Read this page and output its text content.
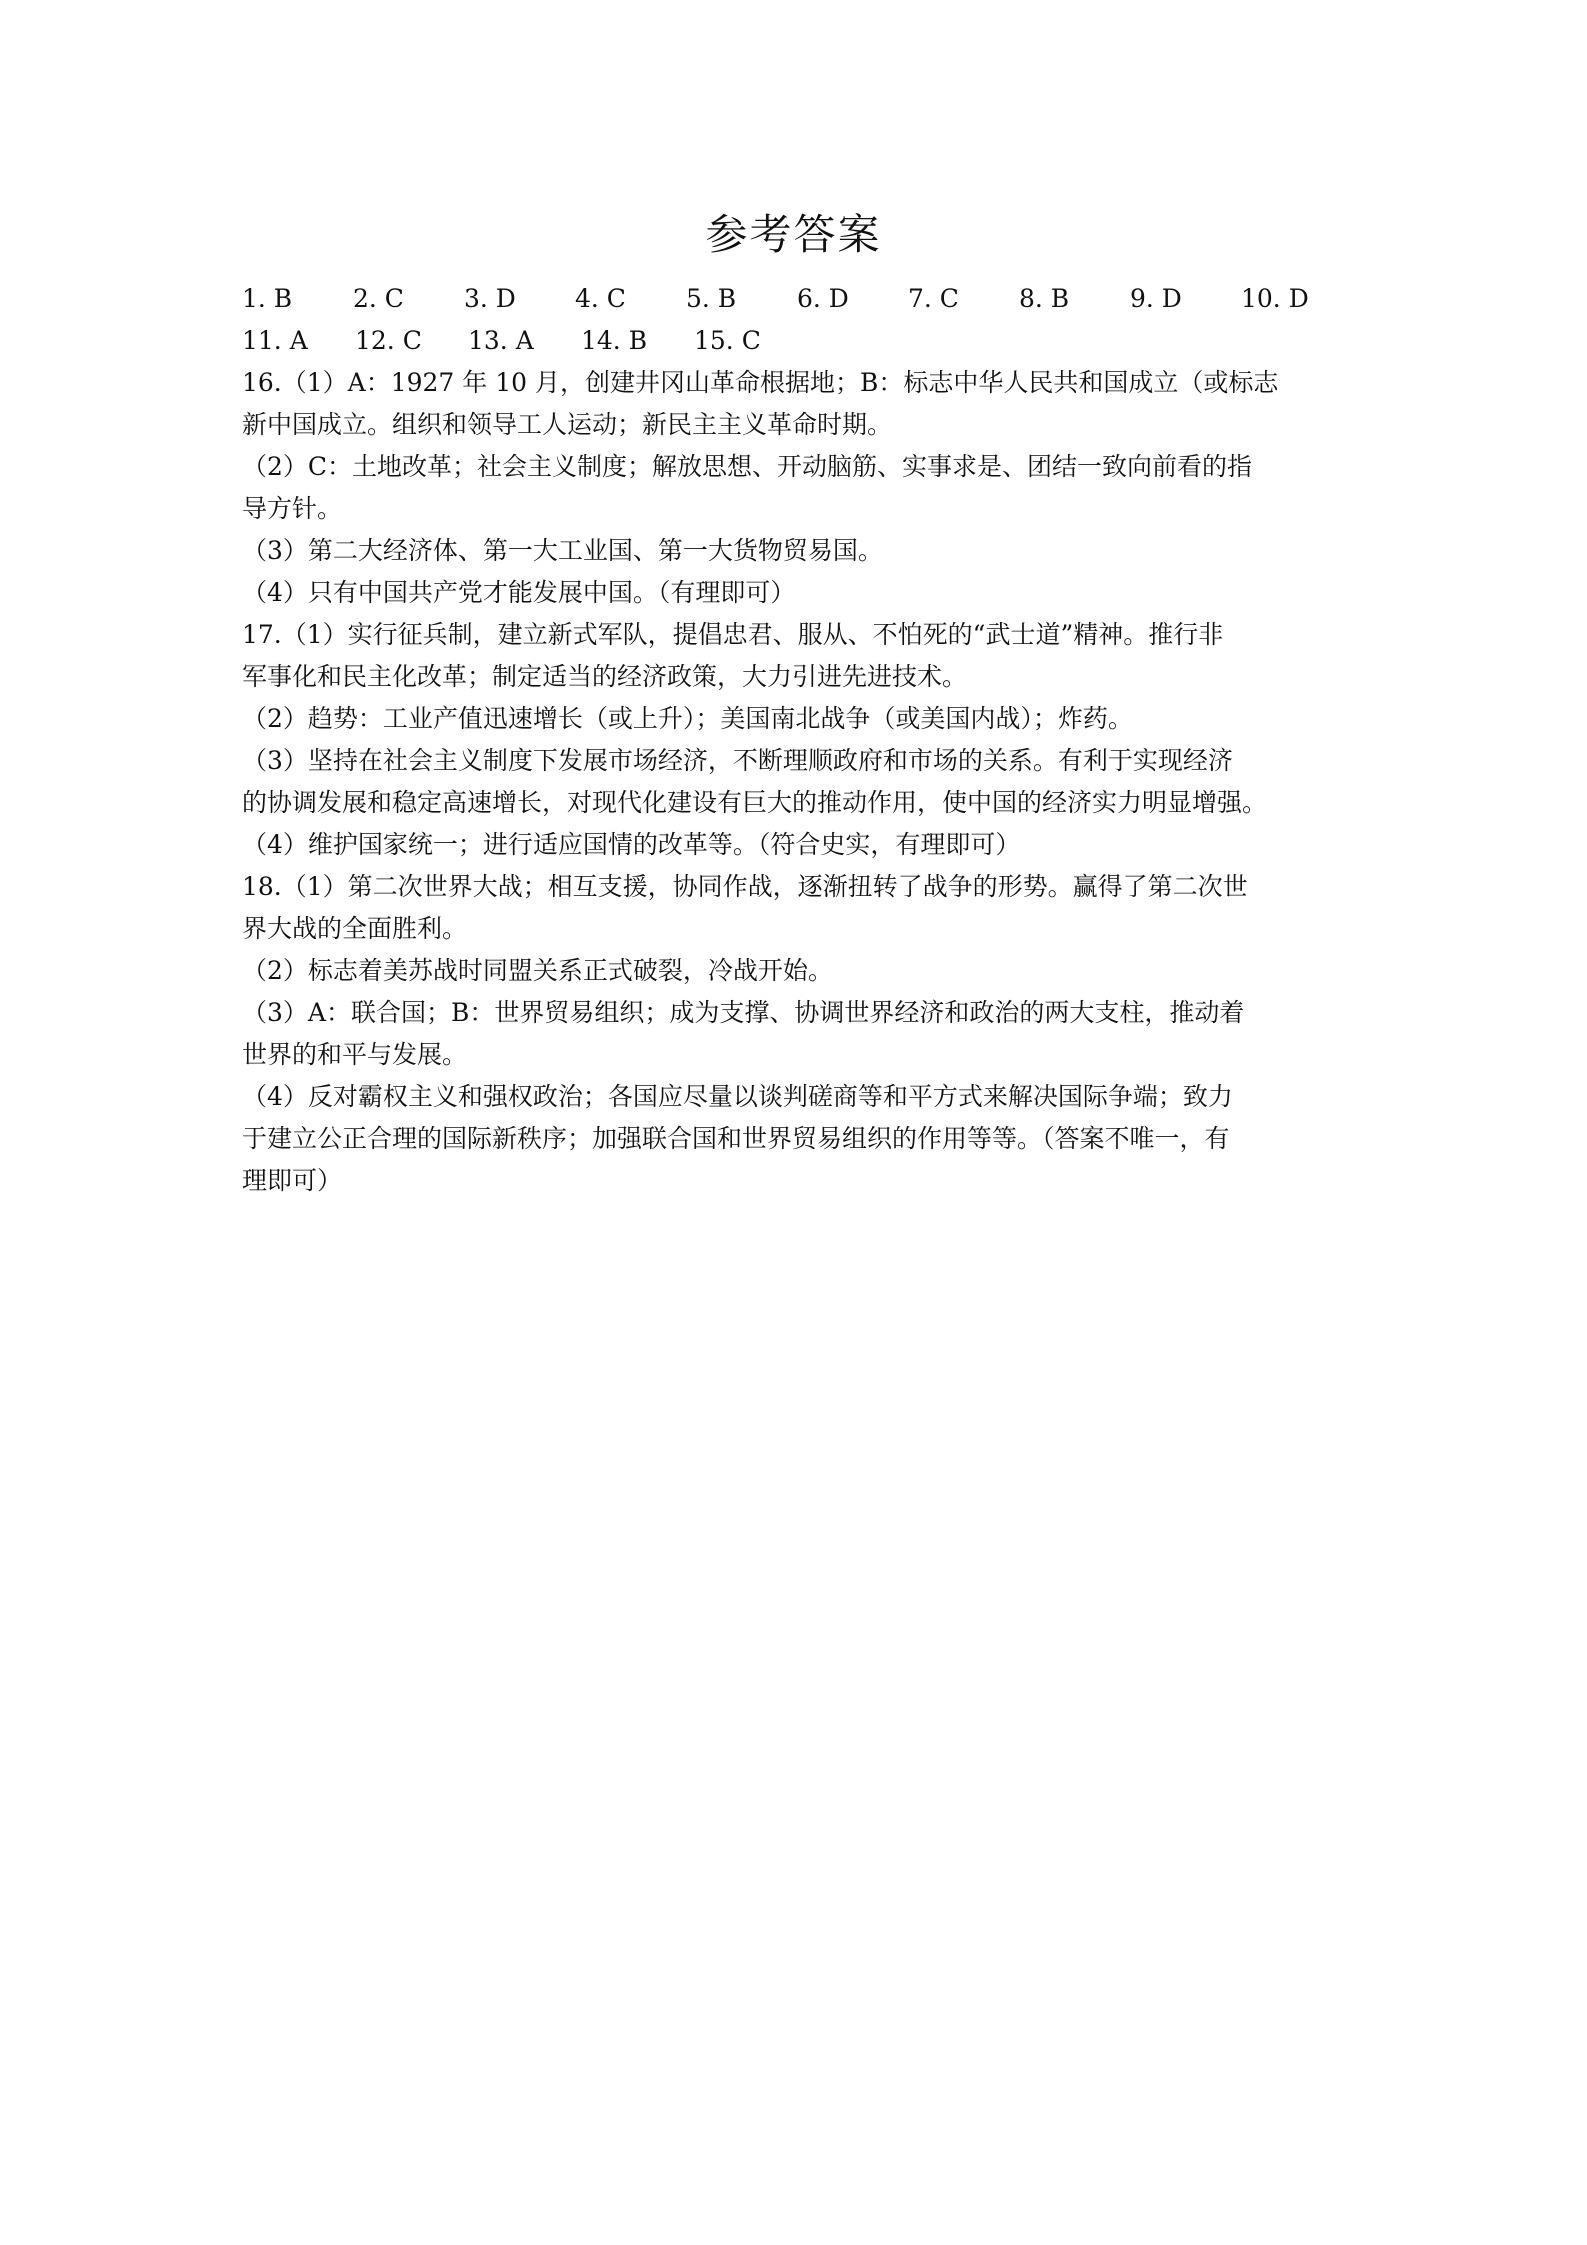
参考答案
1. B	2. C	3. D	4. C	5. B	6. D	7. C	8. B	9. D	10. D
11. A	12. C	13. A	14. B	15. C
16.（1）A：1927 年 10 月，创建井冈山革命根据地；B：标志中华人民共和国成立（或标志
新中国成立。组织和领导工人运动；新民主主义革命时期。
（2）C：土地改革；社会主义制度；解放思想、开动脑筋、实事求是、团结一致向前看的指
导方针。
（3）第二大经济体、第一大工业国、第一大货物贸易国。
（4）只有中国共产党才能发展中国。（有理即可）
17.（1）实行征兵制，建立新式军队，提倡忠君、服从、不怕死的“武士道”精神。推行非
军事化和民主化改革；制定适当的经济政策，大力引进先进技术。
（2）趋势：工业产值迅速增长（或上升）；美国南北战争（或美国内战）；炸药。
（3）坚持在社会主义制度下发展市场经济，不断理顺政府和市场的关系。有利于实现经济
的协调发展和稳定高速增长，对现代化建设有巨大的推动作用，使中国的经济实力明显增强。
（4）维护国家统一；进行适应国情的改革等。（符合史实，有理即可）
18.（1）第二次世界大战；相互支援，协同作战，逐渐扭转了战争的形势。赢得了第二次世
界大战的全面胜利。
（2）标志着美苏战时同盟关系正式破裂，冷战开始。
（3）A：联合国；B：世界贸易组织；成为支撑、协调世界经济和政治的两大支柱，推动着
世界的和平与发展。
（4）反对霸权主义和强权政治；各国应尽量以谈判磋商等和平方式来解决国际争端；致力
于建立公正合理的国际新秩序；加强联合国和世界贸易组织的作用等等。（答案不唯一，有
理即可）
